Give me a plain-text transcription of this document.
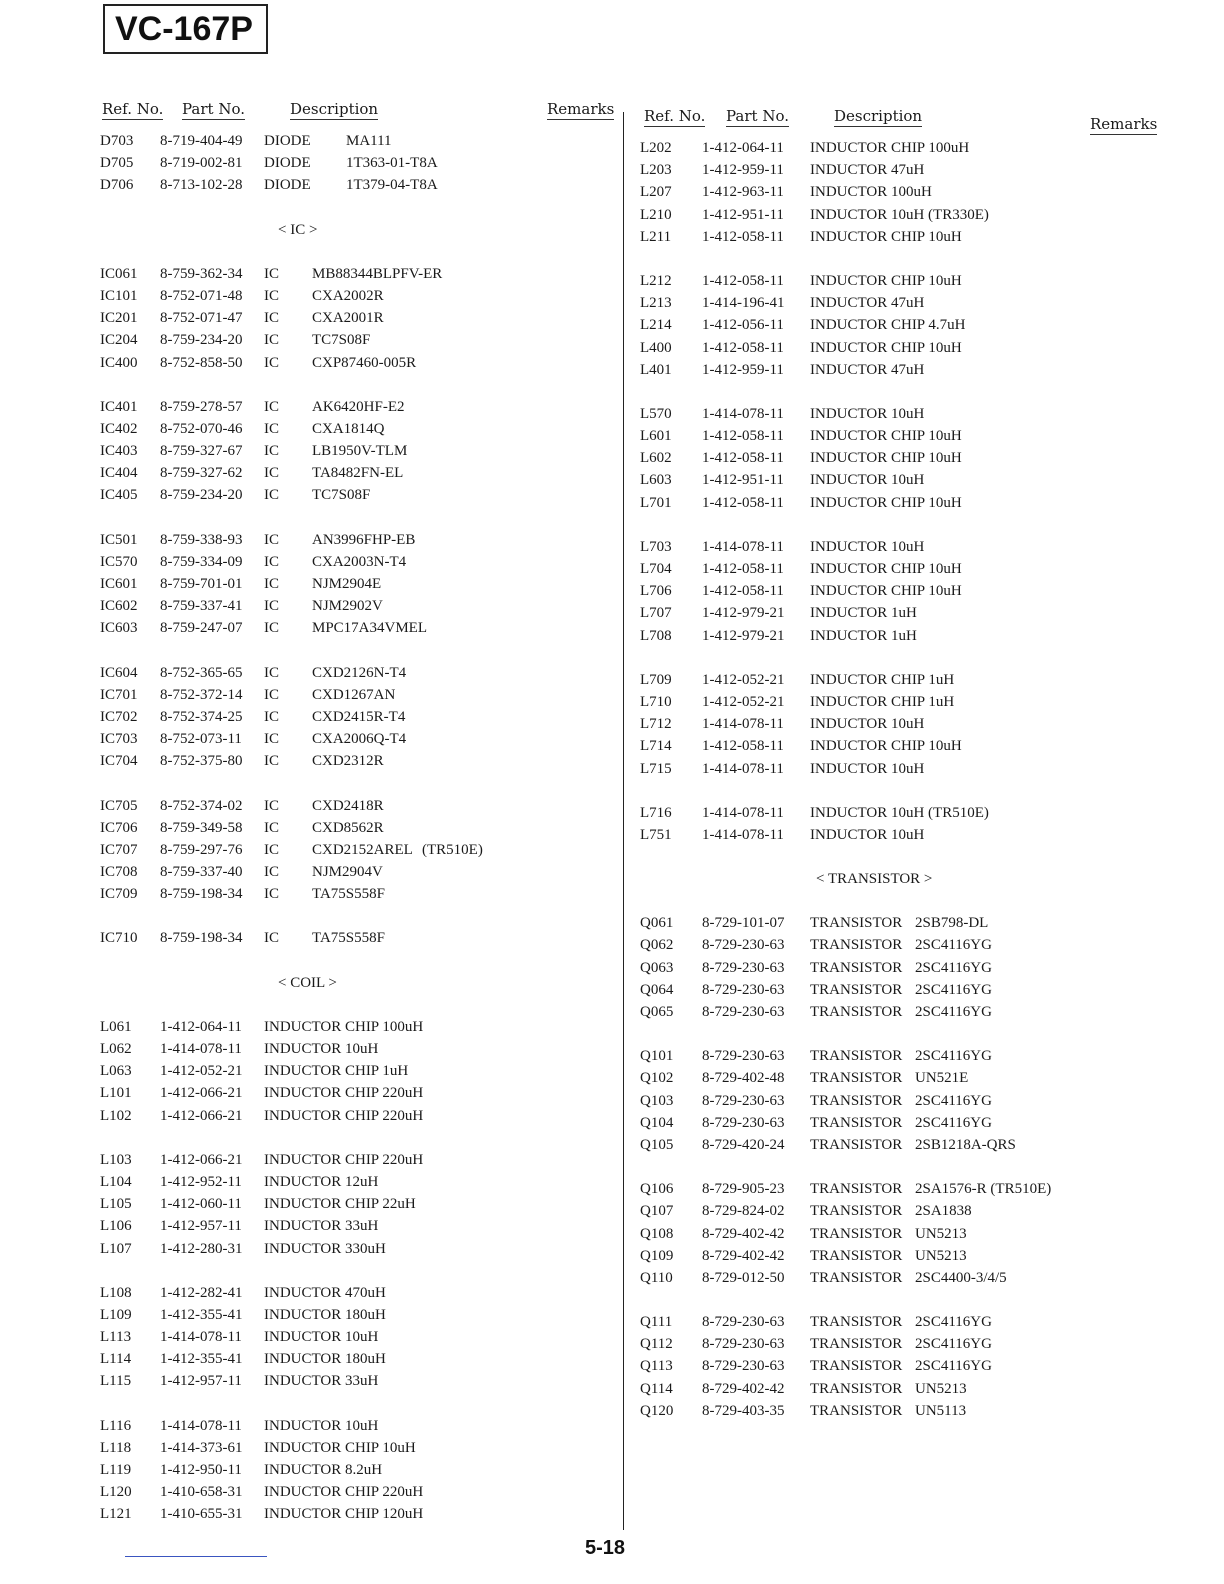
VC-167P
Ref. No. Part No.	Description	Remarks
D703 8-719-404-49 DIODE MA111
D705 8-719-002-81 DIODE 1T363-01-T8A
D706 8-713-102-28 DIODE 1T379-04-T8A
< IC >
IC061 8-759-362-34 IC MB88344BLPFV-ER
IC101 8-752-071-48 IC CXA2002R
IC201 8-752-071-47 IC CXA2001R
IC204 8-759-234-20 IC TC7S08F
IC400 8-752-858-50 IC CXP87460-005R
IC401 8-759-278-57 IC AK6420HF-E2
IC402 8-752-070-46 IC CXA1814Q
IC403 8-759-327-67 IC LB1950V-TLM
IC404 8-759-327-62 IC TA8482FN-EL
IC405 8-759-234-20 IC TC7S08F
IC501 8-759-338-93 IC AN3996FHP-EB
IC570 8-759-334-09 IC CXA2003N-T4
IC601 8-759-701-01 IC NJM2904E
IC602 8-759-337-41 IC NJM2902V
IC603 8-759-247-07 IC MPC17A34VMEL
IC604 8-752-365-65 IC CXD2126N-T4
IC701 8-752-372-14 IC CXD1267AN
IC702 8-752-374-25 IC CXD2415R-T4
IC703 8-752-073-11 IC CXA2006Q-T4
IC704 8-752-375-80 IC CXD2312R
IC705 8-752-374-02 IC CXD2418R
IC706 8-759-349-58 IC CXD8562R
IC707 8-759-297-76 IC CXD2152AREL (TR510E)
IC708 8-759-337-40 IC NJM2904V
IC709 8-759-198-34 IC TA75S558F
IC710 8-759-198-34 IC TA75S558F
< COIL >
L061 1-412-064-11 INDUCTOR CHIP 100uH
L062 1-414-078-11 INDUCTOR 10uH
L063 1-412-052-21 INDUCTOR CHIP 1uH
L101 1-412-066-21 INDUCTOR CHIP 220uH
L102 1-412-066-21 INDUCTOR CHIP 220uH
L103 1-412-066-21 INDUCTOR CHIP 220uH
L104 1-412-952-11 INDUCTOR 12uH
L105 1-412-060-11 INDUCTOR CHIP 22uH
L106 1-412-957-11 INDUCTOR 33uH
L107 1-412-280-31 INDUCTOR 330uH
L108 1-412-282-41 INDUCTOR 470uH
L109 1-412-355-41 INDUCTOR 180uH
L113 1-414-078-11 INDUCTOR 10uH
L114 1-412-355-41 INDUCTOR 180uH
L115 1-412-957-11 INDUCTOR 33uH
L116 1-414-078-11 INDUCTOR 10uH
L118 1-414-373-61 INDUCTOR CHIP 10uH
L119 1-412-950-11 INDUCTOR 8.2uH
L120 1-410-658-31 INDUCTOR CHIP 220uH
L121 1-410-655-31 INDUCTOR CHIP 120uH
Ref. No. Part No.	Description	Remarks
L202 1-412-064-11 INDUCTOR CHIP 100uH
L203 1-412-959-11 INDUCTOR 47uH
L207 1-412-963-11 INDUCTOR 100uH
L210 1-412-951-11 INDUCTOR 10uH (TR330E)
L211 1-412-058-11 INDUCTOR CHIP 10uH
L212 1-412-058-11 INDUCTOR CHIP 10uH
L213 1-414-196-41 INDUCTOR 47uH
L214 1-412-056-11 INDUCTOR CHIP 4.7uH
L400 1-412-058-11 INDUCTOR CHIP 10uH
L401 1-412-959-11 INDUCTOR 47uH
L570 1-414-078-11 INDUCTOR 10uH
L601 1-412-058-11 INDUCTOR CHIP 10uH
L602 1-412-058-11 INDUCTOR CHIP 10uH
L603 1-412-951-11 INDUCTOR 10uH
L701 1-412-058-11 INDUCTOR CHIP 10uH
L703 1-414-078-11 INDUCTOR 10uH
L704 1-412-058-11 INDUCTOR CHIP 10uH
L706 1-412-058-11 INDUCTOR CHIP 10uH
L707 1-412-979-21 INDUCTOR 1uH
L708 1-412-979-21 INDUCTOR 1uH
L709 1-412-052-21 INDUCTOR CHIP 1uH
L710 1-412-052-21 INDUCTOR CHIP 1uH
L712 1-414-078-11 INDUCTOR 10uH
L714 1-412-058-11 INDUCTOR CHIP 10uH
L715 1-414-078-11 INDUCTOR 10uH
L716 1-414-078-11 INDUCTOR 10uH (TR510E)
L751 1-414-078-11 INDUCTOR 10uH
< TRANSISTOR >
Q061 8-729-101-07 TRANSISTOR 2SB798-DL
Q062 8-729-230-63 TRANSISTOR 2SC4116YG
Q063 8-729-230-63 TRANSISTOR 2SC4116YG
Q064 8-729-230-63 TRANSISTOR 2SC4116YG
Q065 8-729-230-63 TRANSISTOR 2SC4116YG
Q101 8-729-230-63 TRANSISTOR 2SC4116YG
Q102 8-729-402-48 TRANSISTOR UN521E
Q103 8-729-230-63 TRANSISTOR 2SC4116YG
Q104 8-729-230-63 TRANSISTOR 2SC4116YG
Q105 8-729-420-24 TRANSISTOR 2SB1218A-QRS
Q106 8-729-905-23 TRANSISTOR 2SA1576-R (TR510E)
Q107 8-729-824-02 TRANSISTOR 2SA1838
Q108 8-729-402-42 TRANSISTOR UN5213
Q109 8-729-402-42 TRANSISTOR UN5213
Q110 8-729-012-50 TRANSISTOR 2SC4400-3/4/5
Q111 8-729-230-63 TRANSISTOR 2SC4116YG
Q112 8-729-230-63 TRANSISTOR 2SC4116YG
Q113 8-729-230-63 TRANSISTOR 2SC4116YG
Q114 8-729-402-42 TRANSISTOR UN5213
Q120 8-729-403-35 TRANSISTOR UN5113
5-18
